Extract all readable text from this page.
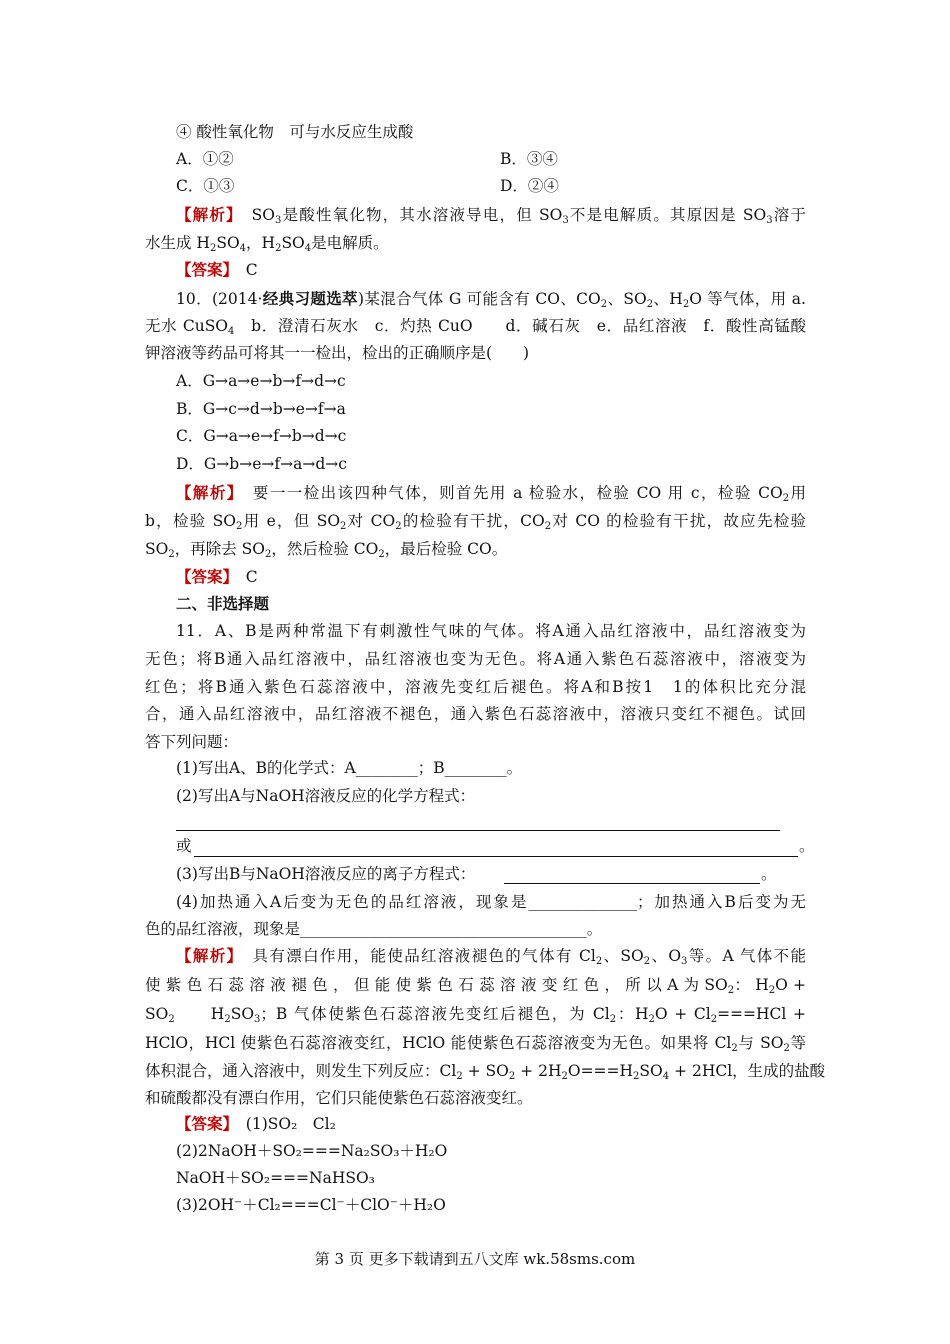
④ 酸性氧化物　可与水反应生成酸
A．①②	B．③④
C．①③	D．②④
【解析】　$SO_3$是酸性氧化物，其水溶液导电，但 $SO_3$不是电解质。其原因是 $SO_3$溶于
水生成 $H_2SO_4$，$H_2SO_4$是电解质。
【答案】　 C
10．(2014·经典习题选萃)某混合气体 G 可能含有 CO、$CO_2$、$SO_2$、$H_2O$ 等气体，用 a.
无水 CuSO$_4$　b．澄清石灰水　c．灼热 CuO　　d．碱石灰　e．品红溶液　f．酸性高锰酸
钾溶液等药品可将其一一检出，检出的正确顺序是(　　)
A．G→a→e→b→f→d→c
B．G→c→d→b→e→f→a
C．G→a→e→f→b→d→c
D．G→b→e→f→a→d→c
【解析】　要一一检出该四种气体，则首先用 a 检验水，检验 CO 用 c，检验 $CO_2$用
b，检验 $SO_2$用 e，但 $SO_2$对 $CO_2$的检验有干扰，$CO_2$对 CO 的检验有干扰，故应先检验
$SO_2$，再除去 $SO_2$，然后检验 $CO_2$，最后检验 CO。
【答案】　 C
二、非选择题
11．A、B是两种常温下有刺激性气味的气体。将A通入品红溶液中，品红溶液变为
无色；将B通入品红溶液中，品红溶液也变为无色。将A通入紫色石蕊溶液中，溶液变为
红色；将B通入紫色石蕊溶液中，溶液先变红后褪色。将A和B按1　1的体积比充分混
合，通入品红溶液中，品红溶液不褪色，通入紫色石蕊溶液中，溶液只变红不褪色。试回
答下列问题：
(1)写出A、B的化学式：A________；B________。
(2)写出A与NaOH溶液反应的化学方程式：
或	。
(3)写出B与NaOH溶液反应的离子方程式：	。
(4)加热通入A后变为无色的品红溶液，现象是______________；加热通入B后变为无
色的品红溶液，现象是_____________________________________。
【解析】　具有漂白作用，能使品红溶液褪色的气体有 $Cl_2$、$SO_2$、$O_3$等。A 气体不能
使 紫 色 石 蕊 溶 液 褪 色 ， 但 能 使 紫 色 石 蕊 溶 液 变 红 色 ， 所 以 A 为 $SO_2$： $H_2O$ +
$SO_2$　　$H_2SO_3$；B 气体使紫色石蕊溶液先变红后褪色，为 $Cl_2$：$H_2O + Cl_2===HCl$ +
HClO，HCl 使紫色石蕊溶液变红，HClO 能使紫色石蕊溶液变为无色。如果将 $Cl_2$与 $SO_2$等
体积混合，通入溶液中，则发生下列反应：$Cl_2 + SO_2 + 2H_2O===H_2SO_4 + 2HCl$，生成的盐酸
和硫酸都没有漂白作用，它们只能使紫色石蕊溶液变红。
【答案】　 (1)SO₂　Cl₂
(2)2NaOH＋SO₂===Na₂SO₃＋H₂O
NaOH＋SO₂===NaHSO₃
(3)2OH⁻＋Cl₂===Cl⁻＋ClO⁻＋H₂O
第 3 页 更多下载请到五八文库 wk.58sms.com
